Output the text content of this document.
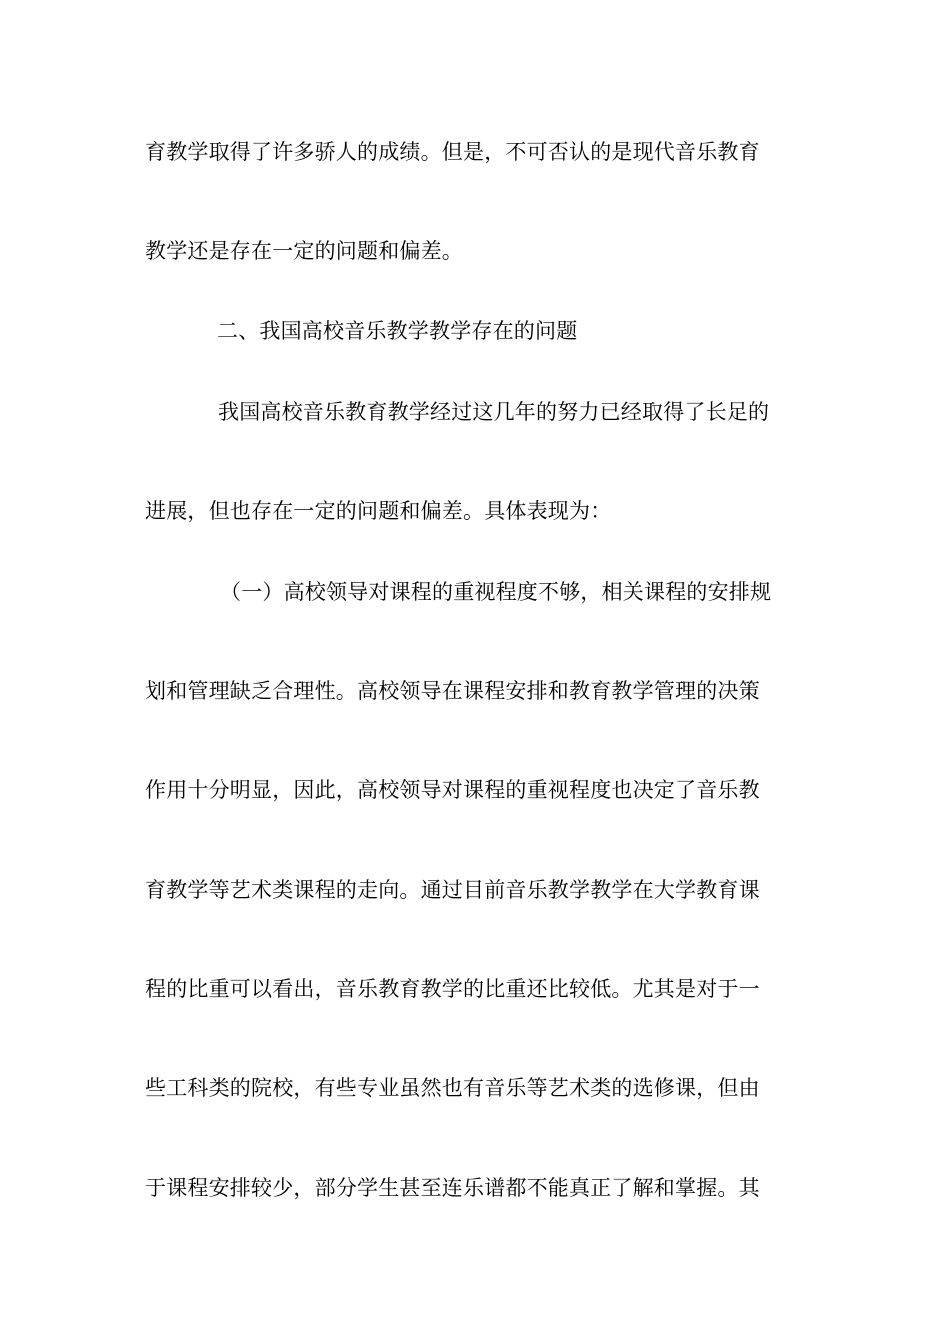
育教学取得了许多骄人的成绩。但是，不可否认的是现代音乐教育
教学还是存在一定的问题和偏差。
二、我国高校音乐教学教学存在的问题
我国高校音乐教育教学经过这几年的努力已经取得了长足的
进展，但也存在一定的问题和偏差。具体表现为：
（一）高校领导对课程的重视程度不够，相关课程的安排规
划和管理缺乏合理性。高校领导在课程安排和教育教学管理的决策
作用十分明显，因此，高校领导对课程的重视程度也决定了音乐教
育教学等艺术类课程的走向。通过目前音乐教学教学在大学教育课
程的比重可以看出，音乐教育教学的比重还比较低。尤其是对于一
些工科类的院校，有些专业虽然也有音乐等艺术类的选修课，但由
于课程安排较少，部分学生甚至连乐谱都不能真正了解和掌握。其
